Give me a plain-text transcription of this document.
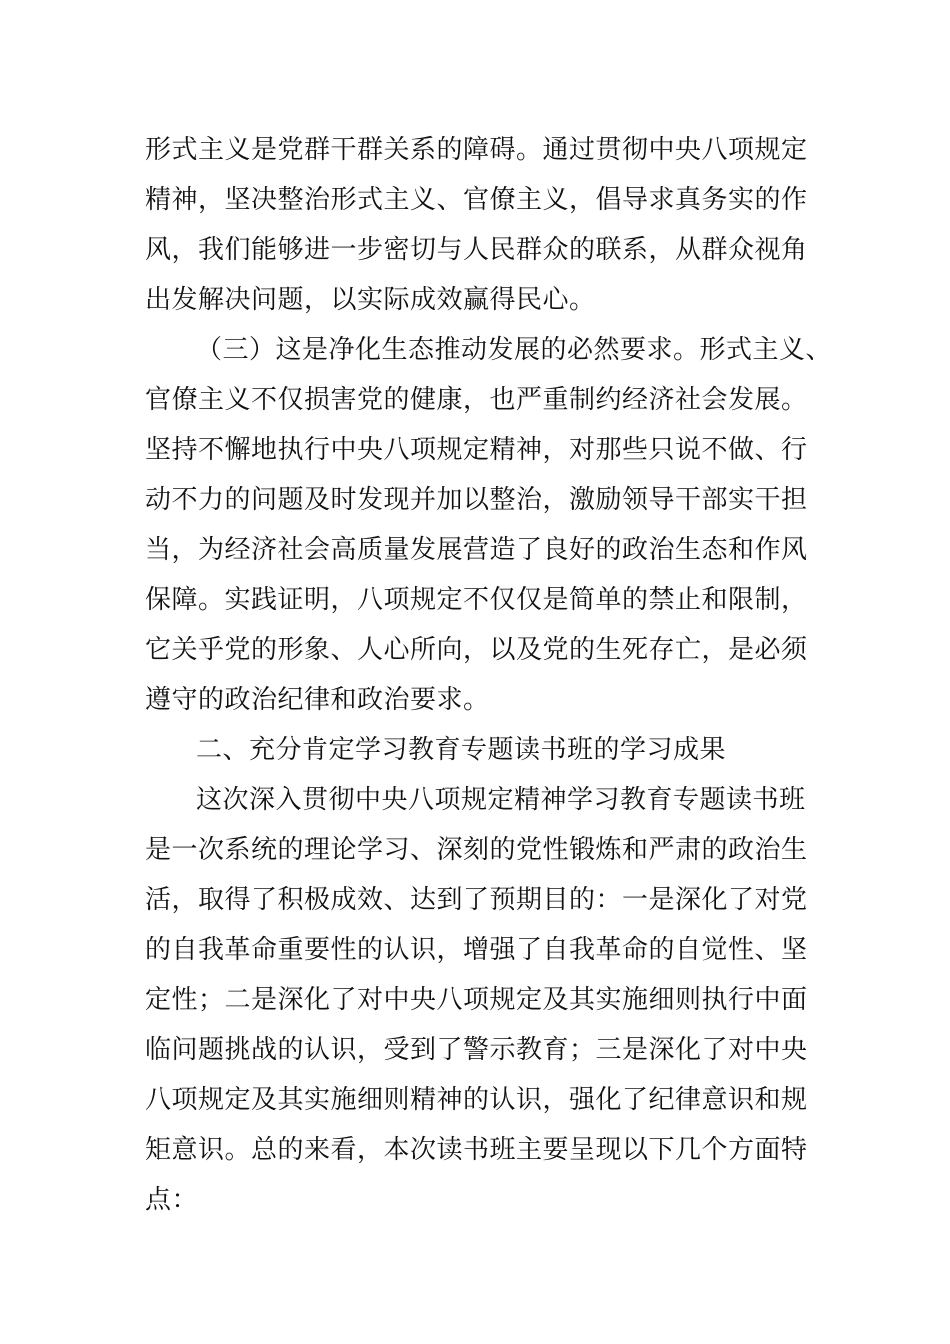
形式主义是党群干群关系的障碍。通过贯彻中央八项规定
精神，坚决整治形式主义、官僚主义，倡导求真务实的作
风，我们能够进一步密切与人民群众的联系，从群众视角
出发解决问题，以实际成效赢得民心。
（三）这是净化生态推动发展的必然要求。形式主义、
官僚主义不仅损害党的健康，也严重制约经济社会发展。
坚持不懈地执行中央八项规定精神，对那些只说不做、行
动不力的问题及时发现并加以整治，激励领导干部实干担
当，为经济社会高质量发展营造了良好的政治生态和作风
保障。实践证明，八项规定不仅仅是简单的禁止和限制，
它关乎党的形象、人心所向，以及党的生死存亡，是必须
遵守的政治纪律和政治要求。
二、充分肯定学习教育专题读书班的学习成果
这次深入贯彻中央八项规定精神学习教育专题读书班
是一次系统的理论学习、深刻的党性锻炼和严肃的政治生
活，取得了积极成效、达到了预期目的：一是深化了对党
的自我革命重要性的认识，增强了自我革命的自觉性、坚
定性；二是深化了对中央八项规定及其实施细则执行中面
临问题挑战的认识，受到了警示教育；三是深化了对中央
八项规定及其实施细则精神的认识，强化了纪律意识和规
矩意识。总的来看，本次读书班主要呈现以下几个方面特
点：
